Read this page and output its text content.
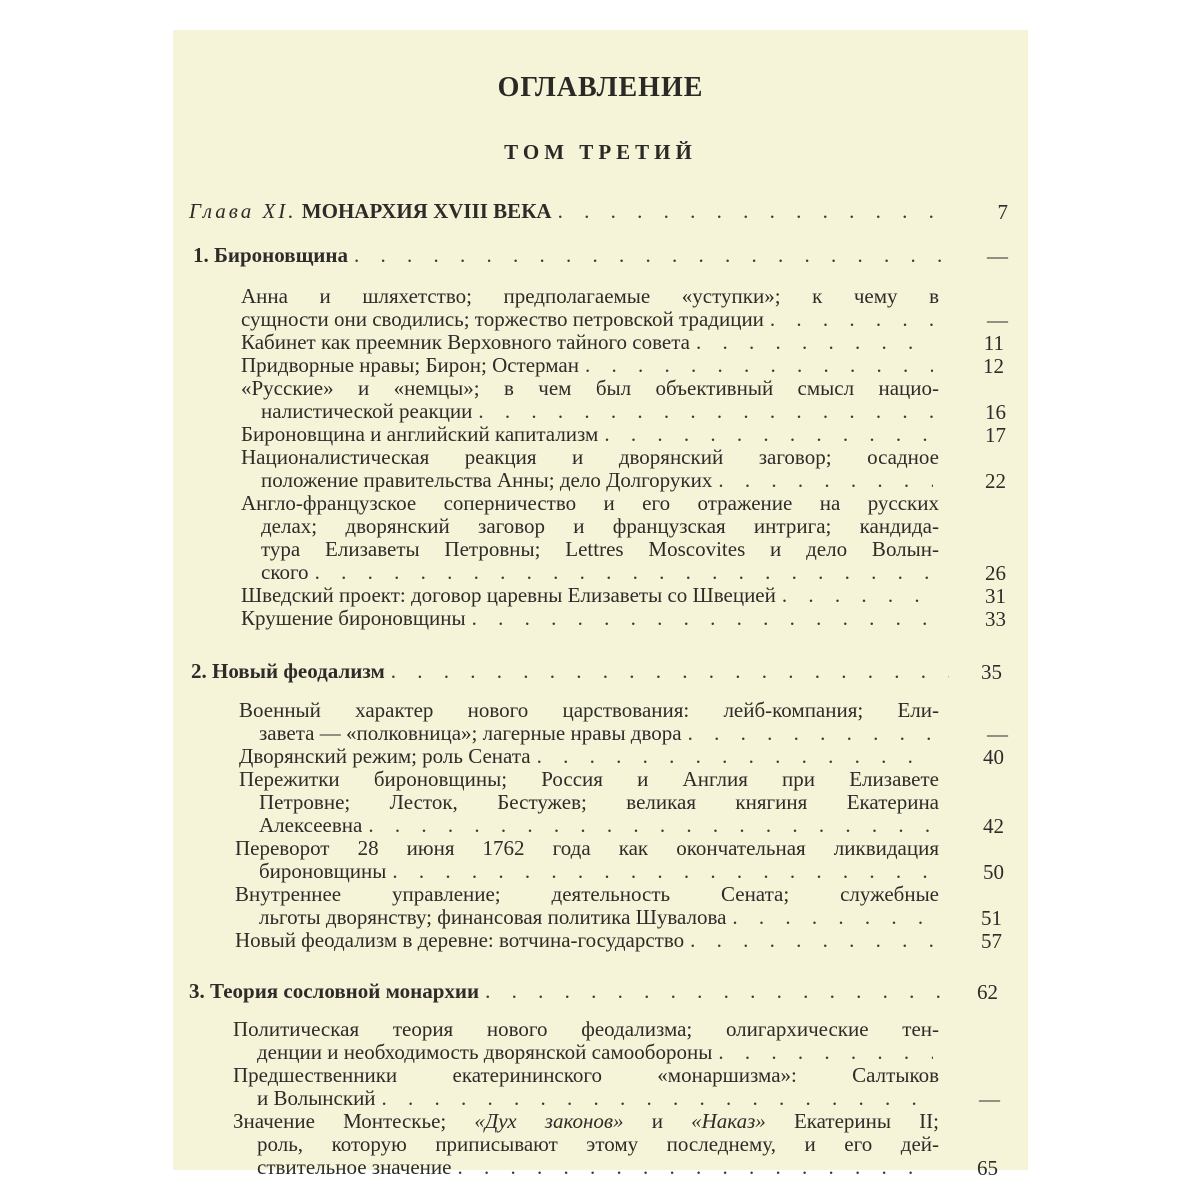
ОГЛАВЛЕНИЕ
ТОМ ТРЕТИЙ
Глава XI. МОНАРХИЯ XVIII ВЕКА . . .	7
1. Бироновщина . . .	—
Анна и шляхетство; предполагаемые «уступки»; к чему в
сущности они сводились; торжество петровской традиции . . .	—
Кабинет как преемник Верховного тайного совета . . .	11
Придворные нравы; Бирон; Остерман . . .	12
«Русские» и «немцы»; в чем был объективный смысл нацио-
налистической реакции . . .	16
Бироновщина и английский капитализм . . .	17
Националистическая реакция и дворянский заговор; осадное
положение правительства Анны; дело Долгоруких . . .	22
Англо-французское соперничество и его отражение на русских
делах; дворянский заговор и французская интрига; кандида-
тура Елизаветы Петровны; Lettres Moscovites и дело Волын-
ского . . .	26
Шведский проект: договор царевны Елизаветы со Швецией . . .	31
Крушение бироновщины . . .	33
2. Новый феодализм . . .	35
Военный характер нового царствования: лейб-компания; Ели-
завета — «полковница»; лагерные нравы двора . . .	—
Дворянский режим; роль Сената . . .	40
Пережитки бироновщины; Россия и Англия при Елизавете
Петровне; Лесток, Бестужев; великая княгиня Екатерина
Алексеевна . . .	42
Переворот 28 июня 1762 года как окончательная ликвидация
бироновщины . . .	50
Внутреннее управление; деятельность Сената; служебные
льготы дворянству; финансовая политика Шувалова . . .	51
Новый феодализм в деревне: вотчина-государство . . .	57
3. Теория сословной монархии . . .	62
Политическая теория нового феодализма; олигархические тен-
денции и необходимость дворянской самообороны
. . .
Предшественники екатерининского «монаршизма»: Салтыков
и Волынский . . .	—
Значение Монтескье; «Дух законов» и «Наказ» Екатерины II;
роль, которую приписывают этому последнему, и его дей-
ствительное значение . . .	65
